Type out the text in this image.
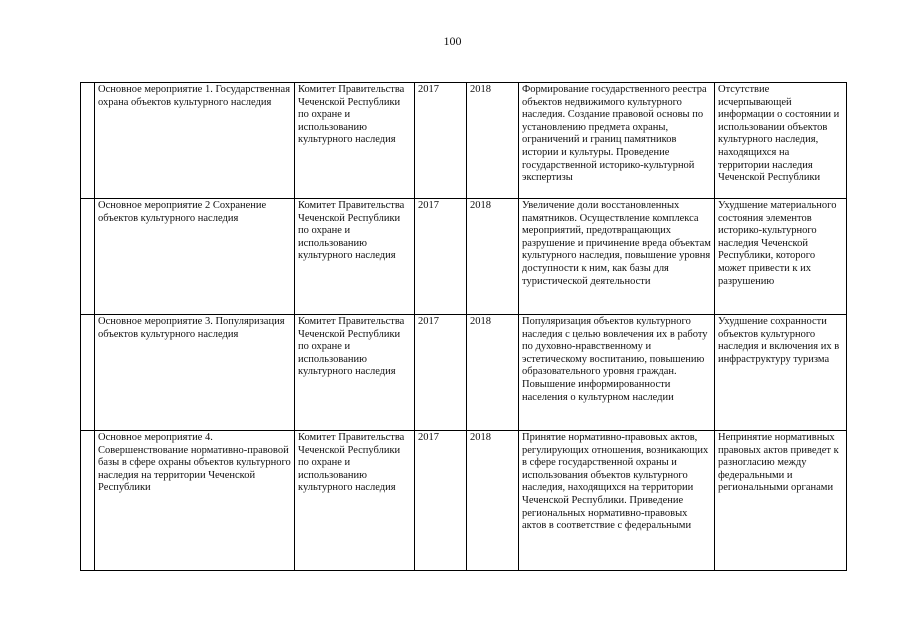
100
	Основное мероприятие 1. Государственная охрана объектов культурного наследия	Комитет Правительства Чеченской Республики по охране и использованию культурного наследия	2017	2018	Формирование государственного реестра объектов недвижимого культурного наследия. Создание правовой основы по установлению предмета охраны, ограничений и границ памятников истории и культуры. Проведение государственной историко-культурной экспертизы	Отсутствие исчерпывающей информации о состоянии и использовании объектов культурного наследия, находящихся на территории наследия Чеченской Республики
	Основное мероприятие 2 Сохранение объектов культурного наследия	Комитет Правительства Чеченской Республики по охране и использованию культурного наследия	2017	2018	Увеличение доли восстановленных памятников. Осуществление комплекса мероприятий, предотвращающих разрушение и причинение вреда объектам культурного наследия, повышение уровня доступности к ним, как базы для туристической деятельности	Ухудшение материального состояния элементов историко-культурного наследия Чеченской Республики, которого может привести к их разрушению
	Основное мероприятие 3. Популяризация объектов культурного наследия	Комитет Правительства Чеченской Республики по охране и использованию культурного наследия	2017	2018	Популяризация объектов культурного наследия с целью вовлечения их в работу по духовно-нравственному и эстетическому воспитанию, повышению образовательного уровня граждан. Повышение информированности населения о культурном наследии	Ухудшение сохранности объектов культурного наследия и включения их в инфраструктуру туризма
	Основное мероприятие 4. Совершенствование нормативно-правовой базы в сфере охраны объектов культурного наследия на территории Чеченской Республики	Комитет Правительства Чеченской Республики по охране и использованию культурного наследия	2017	2018	Принятие нормативно-правовых актов, регулирующих отношения, возникающих в сфере государственной охраны и использования объектов культурного наследия, находящихся на территории Чеченской Республики. Приведение региональных нормативно-правовых актов в соответствие с федеральными	Непринятие нормативных правовых актов приведет к разногласию между федеральными и региональными органами
